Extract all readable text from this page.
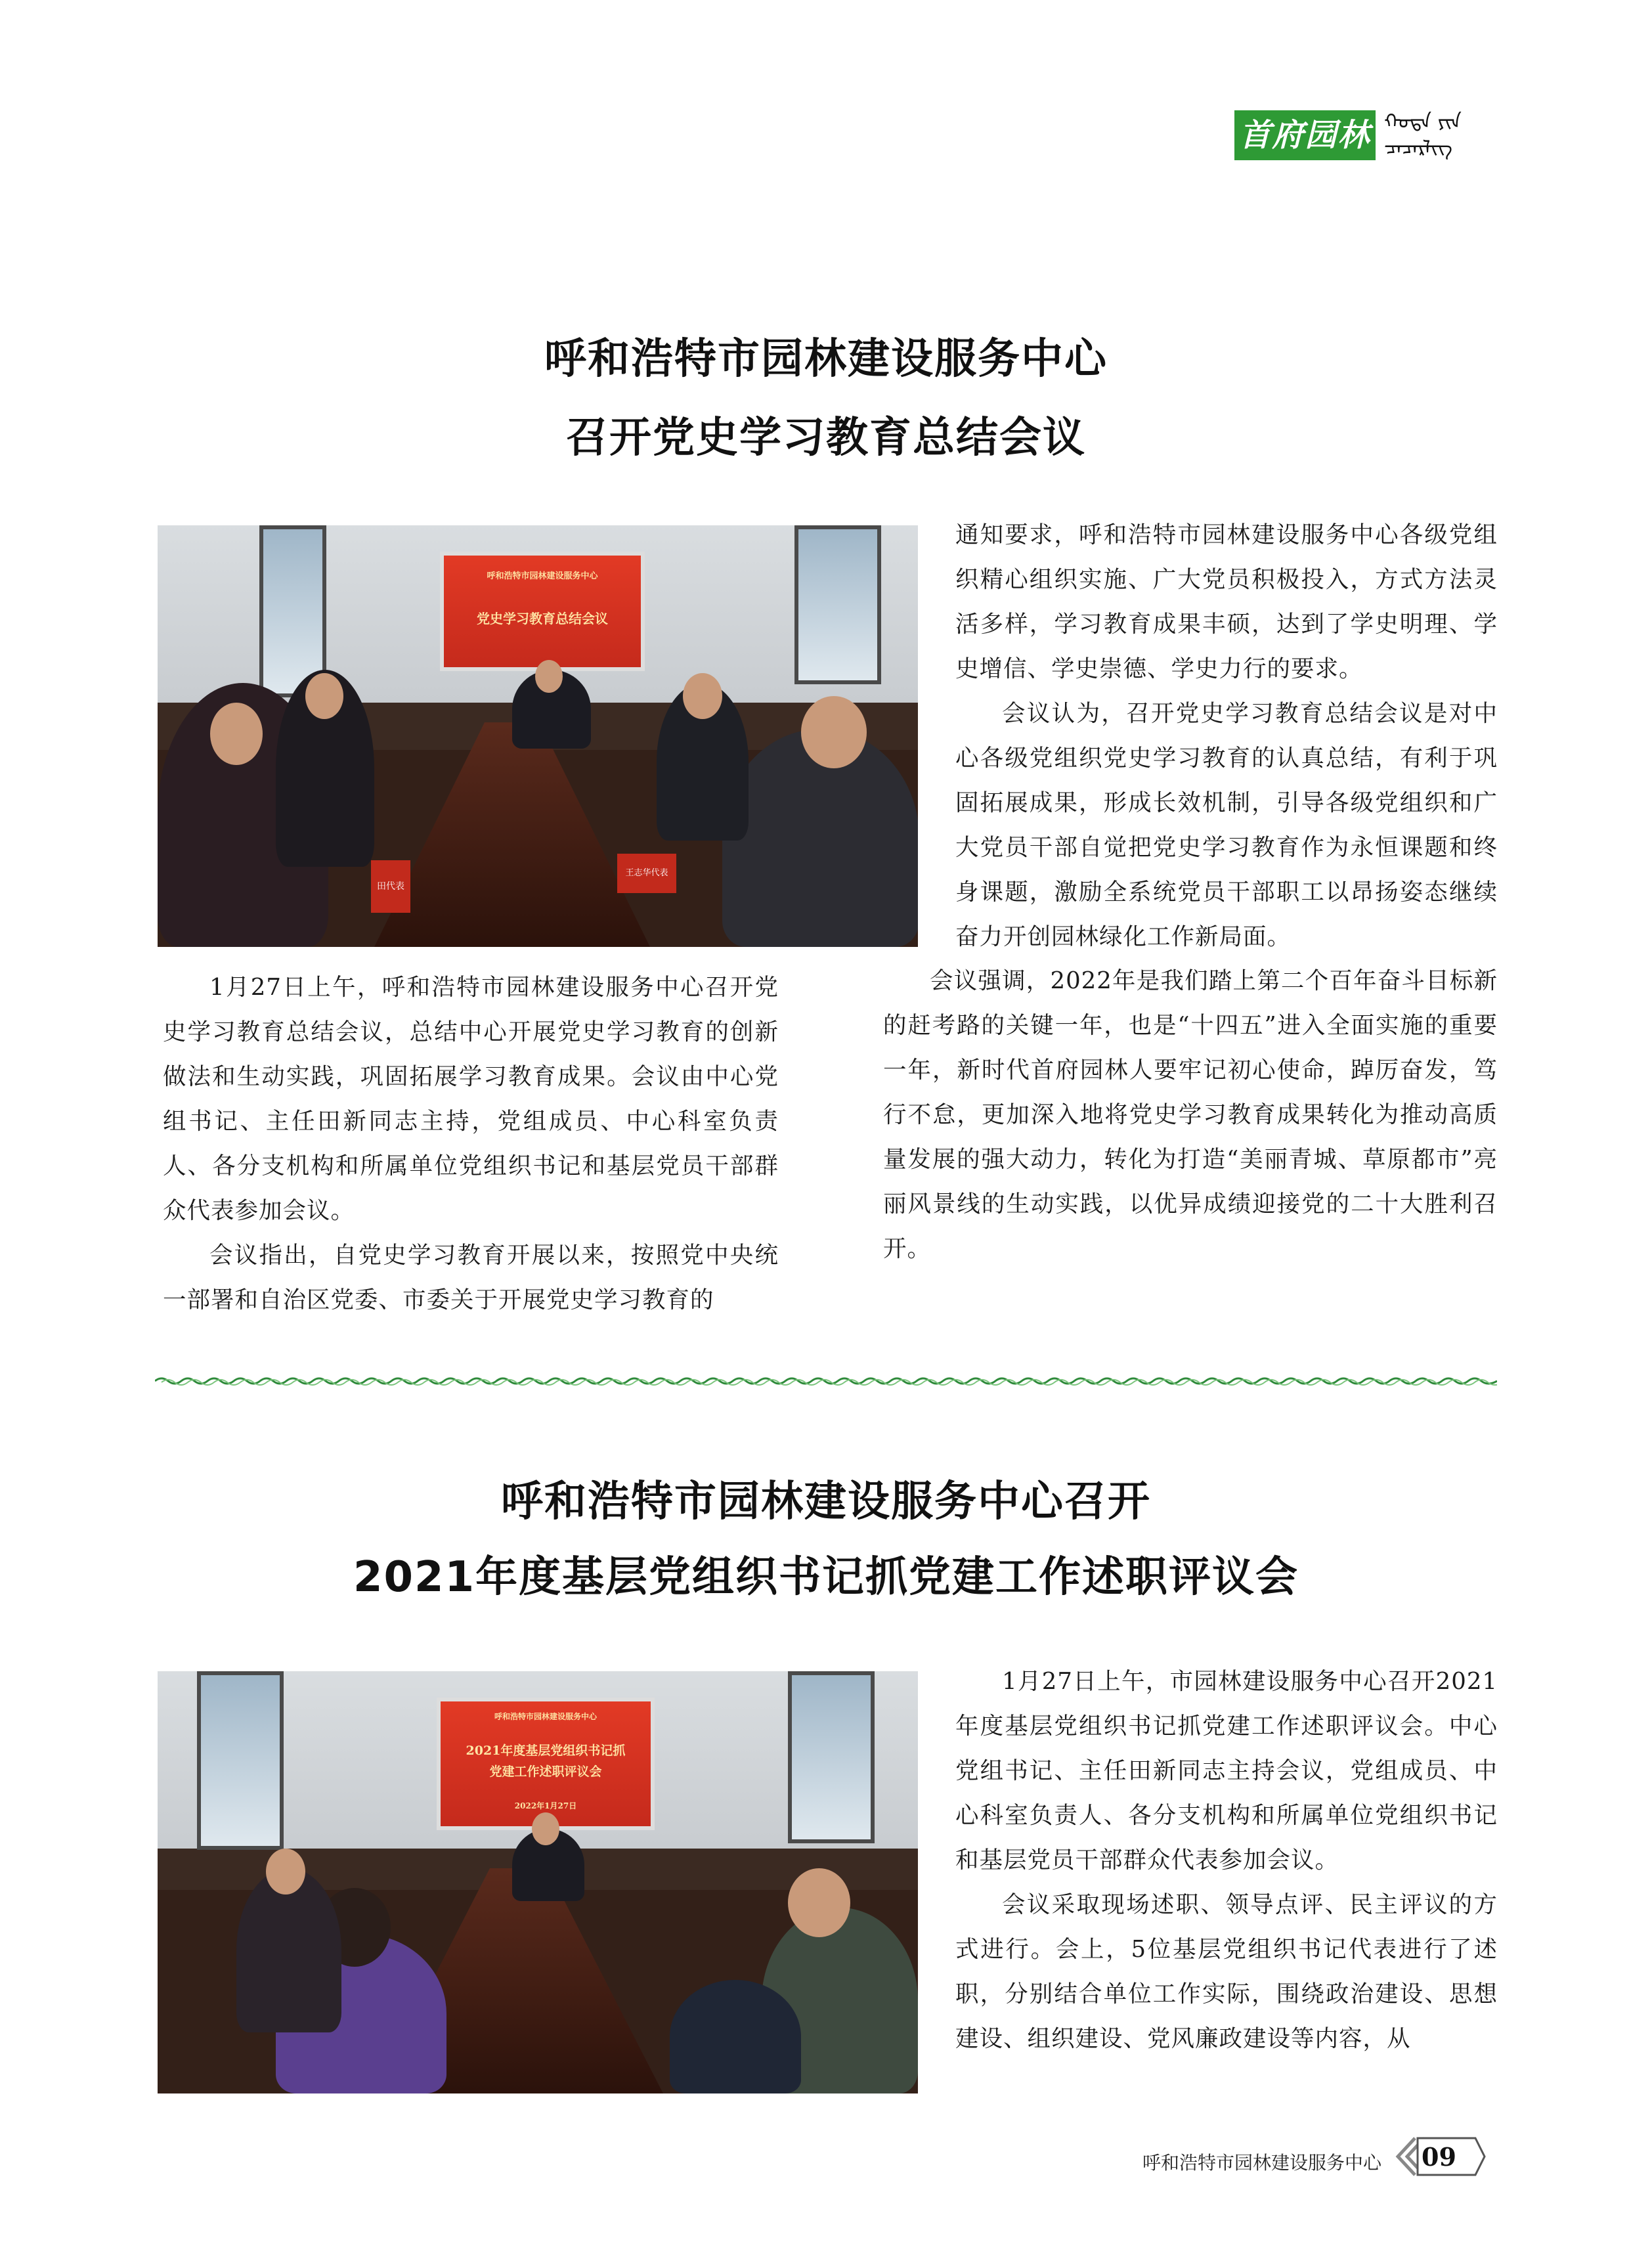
首府园林 ᠬᠣᠲᠠ ᠶᠢᠨ ᠴᠡᠴᠡᠷᠯᠢᠭ
呼和浩特市园林建设服务中心
召开党史学习教育总结会议
呼和浩特市园林建设服务中心
党史学习教育总结会议
田代表
王志华代表

1月27日上午，呼和浩特市园林建设服务中心召开党史学习教育总结会议，总结中心开展党史学习教育的创新做法和生动实践，巩固拓展学习教育成果。会议由中心党组书记、主任田新同志主持，党组成员、中心科室负责人、各分支机构和所属单位党组织书记和基层党员干部群众代表参加会议。

会议指出，自党史学习教育开展以来，按照党中央统一部署和自治区党委、市委关于开展党史学习教育的

通知要求，呼和浩特市园林建设服务中心各级党组织精心组织实施、广大党员积极投入，方式方法灵活多样，学习教育成果丰硕，达到了学史明理、学史增信、学史崇德、学史力行的要求。

会议认为，召开党史学习教育总结会议是对中心各级党组织党史学习教育的认真总结，有利于巩固拓展成果，形成长效机制，引导各级党组织和广大党员干部自觉把党史学习教育作为永恒课题和终身课题，激励全系统党员干部职工以昂扬姿态继续奋力开创园林绿化工作新局面。

会议强调，2022年是我们踏上第二个百年奋斗目标新的赶考路的关键一年，也是“十四五”进入全面实施的重要一年，新时代首府园林人要牢记初心使命，踔厉奋发，笃行不怠，更加深入地将党史学习教育成果转化为推动高质量发展的强大动力，转化为打造“美丽青城、草原都市”亮丽风景线的生动实践，以优异成绩迎接党的二十大胜利召开。

呼和浩特市园林建设服务中心召开
2021年度基层党组织书记抓党建工作述职评议会
呼和浩特市园林建设服务中心
2021年度基层党组织书记抓
党建工作述职评议会
2022年1月27日

1月27日上午，市园林建设服务中心召开2021年度基层党组织书记抓党建工作述职评议会。中心党组书记、主任田新同志主持会议，党组成员、中心科室负责人、各分支机构和所属单位党组织书记和基层党员干部群众代表参加会议。

会议采取现场述职、领导点评、民主评议的方式进行。会上，5位基层党组织书记代表进行了述职，分别结合单位工作实际，围绕政治建设、思想建设、组织建设、党风廉政建设等内容，从

呼和浩特市园林建设服务中心 09
